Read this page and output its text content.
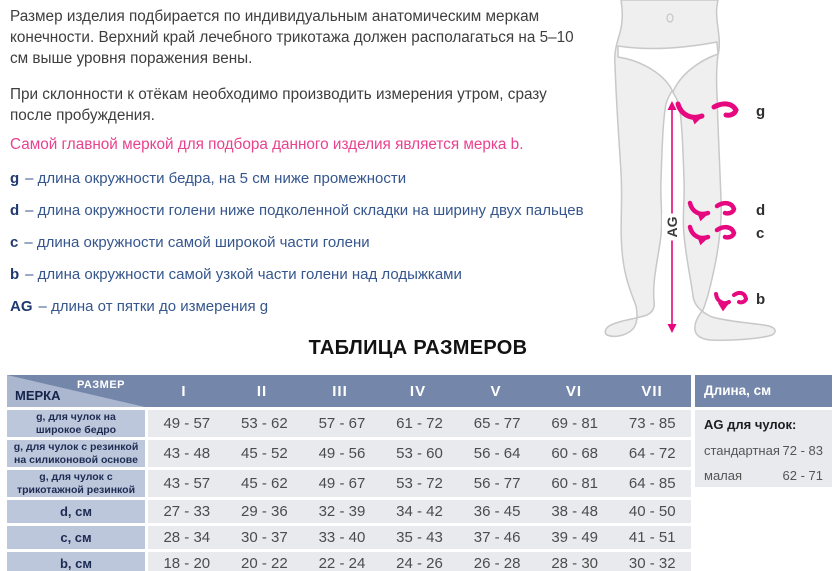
Размер изделия подбирается по индивидуальным анатомическим меркам
конечности. Верхний край лечебного трикотажа должен располагаться на 5–10
см выше уровня поражения вены.
При склонности к отёкам необходимо производить измерения утром, сразу
после пробуждения.
Самой главной меркой для подбора данного изделия является мерка b.
g – длина окружности бедра, на 5 см ниже промежности
d – длина окружности голени ниже подколенной складки на ширину двух пальцев
c – длина окружности самой широкой части голени
b – длина окружности самой узкой части голени над лодыжками
AG – длина от пятки до измерения g
g
d
c
b
AG
ТАБЛИЦА РАЗМЕРОВ
РАЗМЕР
МЕРКА	I	II	III	IV	V	VI	VII
g, для чулок на широкое бедро	49 - 57	53 - 62	57 - 67	61 - 72	65 - 77	69 - 81	73 - 85
g, для чулок с резинкой на силиконовой основе	43 - 48	45 - 52	49 - 56	53 - 60	56 - 64	60 - 68	64 - 72
g, для чулок с трикотажной резинкой	43 - 57	45 - 62	49 - 67	53 - 72	56 - 77	60 - 81	64 - 85
d, см	27 - 33	29 - 36	32 - 39	34 - 42	36 - 45	38 - 48	40 - 50
c, см	28 - 34	30 - 37	33 - 40	35 - 43	37 - 46	39 - 49	41 - 51
b, см	18 - 20	20 - 22	22 - 24	24 - 26	26 - 28	28 - 30	30 - 32
Длина, см
AG для чулок:
стандартная 72 - 83
малая	62 - 71
